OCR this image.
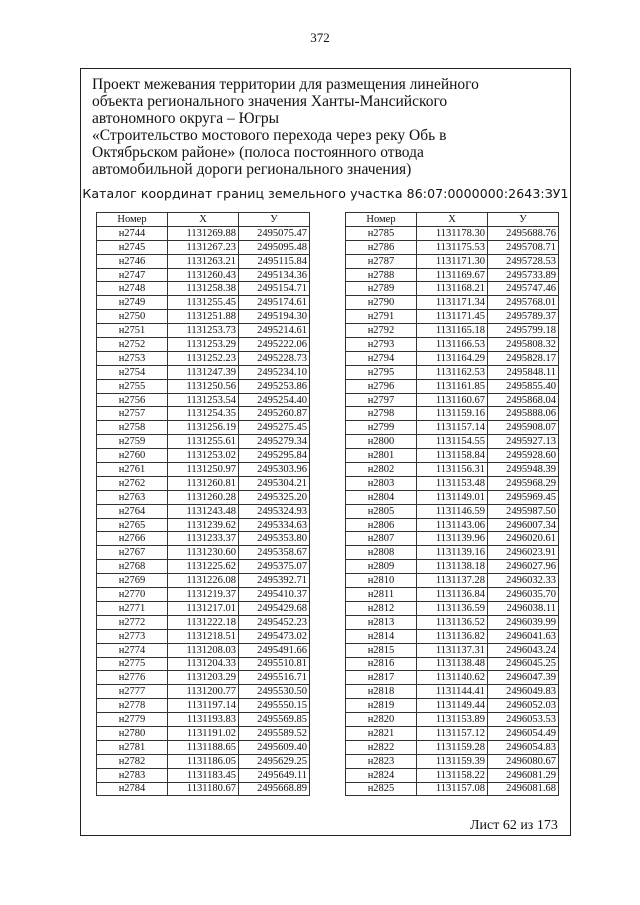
372
Проект межевания территории для размещения линейного
объекта регионального значения Ханты-Мансийского
автономного округа – Югры
«Строительство мостового перехода через реку Обь в
Октябрьском районе» (полоса постоянного отвода
автомобильной дороги регионального значения)
Каталог координат границ земельного участка 86:07:0000000:2643:ЗУ1
Номер	X	У
н2744	1131269.88	2495075.47
н2745	1131267.23	2495095.48
н2746	1131263.21	2495115.84
н2747	1131260.43	2495134.36
н2748	1131258.38	2495154.71
н2749	1131255.45	2495174.61
н2750	1131251.88	2495194.30
н2751	1131253.73	2495214.61
н2752	1131253.29	2495222.06
н2753	1131252.23	2495228.73
н2754	1131247.39	2495234.10
н2755	1131250.56	2495253.86
н2756	1131253.54	2495254.40
н2757	1131254.35	2495260.87
н2758	1131256.19	2495275.45
н2759	1131255.61	2495279.34
н2760	1131253.02	2495295.84
н2761	1131250.97	2495303.96
н2762	1131260.81	2495304.21
н2763	1131260.28	2495325.20
н2764	1131243.48	2495324.93
н2765	1131239.62	2495334.63
н2766	1131233.37	2495353.80
н2767	1131230.60	2495358.67
н2768	1131225.62	2495375.07
н2769	1131226.08	2495392.71
н2770	1131219.37	2495410.37
н2771	1131217.01	2495429.68
н2772	1131222.18	2495452.23
н2773	1131218.51	2495473.02
н2774	1131208.03	2495491.66
н2775	1131204.33	2495510.81
н2776	1131203.29	2495516.71
н2777	1131200.77	2495530.50
н2778	1131197.14	2495550.15
н2779	1131193.83	2495569.85
н2780	1131191.02	2495589.52
н2781	1131188.65	2495609.40
н2782	1131186.05	2495629.25
н2783	1131183.45	2495649.11
н2784	1131180.67	2495668.89
Номер	X	У
н2785	1131178.30	2495688.76
н2786	1131175.53	2495708.71
н2787	1131171.30	2495728.53
н2788	1131169.67	2495733.89
н2789	1131168.21	2495747.46
н2790	1131171.34	2495768.01
н2791	1131171.45	2495789.37
н2792	1131165.18	2495799.18
н2793	1131166.53	2495808.32
н2794	1131164.29	2495828.17
н2795	1131162.53	2495848.11
н2796	1131161.85	2495855.40
н2797	1131160.67	2495868.04
н2798	1131159.16	2495888.06
н2799	1131157.14	2495908.07
н2800	1131154.55	2495927.13
н2801	1131158.84	2495928.60
н2802	1131156.31	2495948.39
н2803	1131153.48	2495968.29
н2804	1131149.01	2495969.45
н2805	1131146.59	2495987.50
н2806	1131143.06	2496007.34
н2807	1131139.96	2496020.61
н2808	1131139.16	2496023.91
н2809	1131138.18	2496027.96
н2810	1131137.28	2496032.33
н2811	1131136.84	2496035.70
н2812	1131136.59	2496038.11
н2813	1131136.52	2496039.99
н2814	1131136.82	2496041.63
н2815	1131137.31	2496043.24
н2816	1131138.48	2496045.25
н2817	1131140.62	2496047.39
н2818	1131144.41	2496049.83
н2819	1131149.44	2496052.03
н2820	1131153.89	2496053.53
н2821	1131157.12	2496054.49
н2822	1131159.28	2496054.83
н2823	1131159.39	2496080.67
н2824	1131158.22	2496081.29
н2825	1131157.08	2496081.68
Лист 62 из 173
